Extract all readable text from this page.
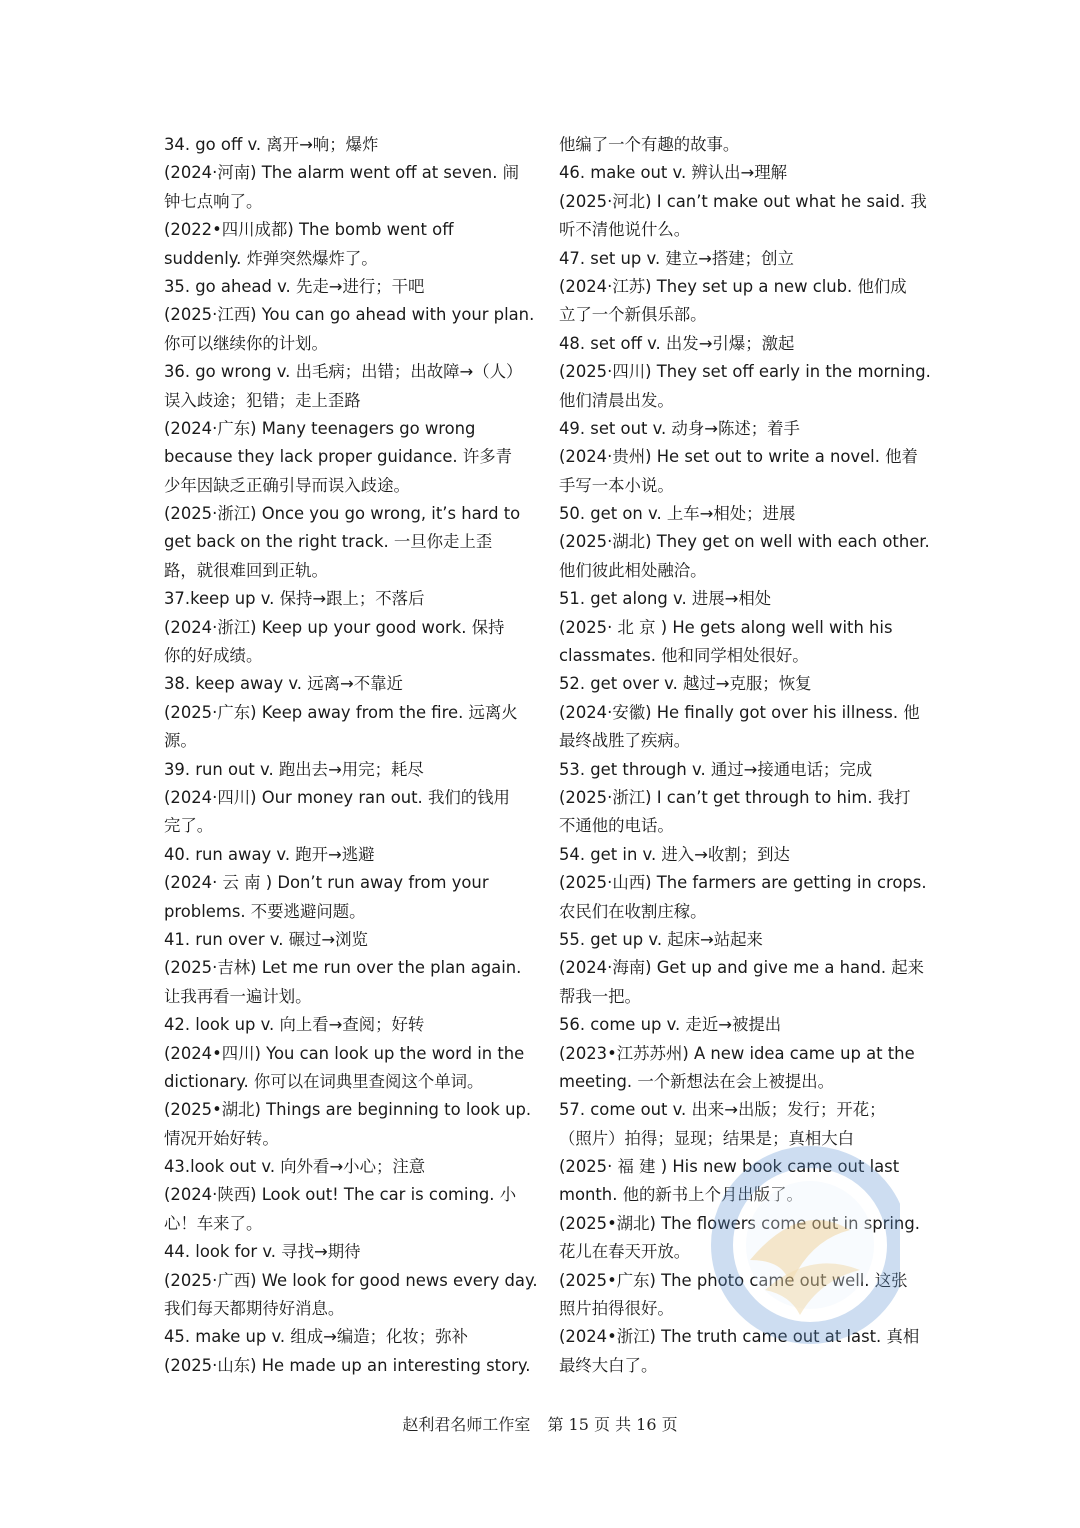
34. go off v. 离开→响；爆炸
(2024·河南) The alarm went off at seven. 闹
钟七点响了。
(2022•四川成都) The bomb went off
suddenly. 炸弹突然爆炸了。
35. go ahead v. 先走→进行；干吧
(2025·江西) You can go ahead with your plan.
你可以继续你的计划。
36. go wrong v. 出毛病；出错；出故障→（人）
误入歧途；犯错；走上歪路
(2024·广东) Many teenagers go wrong
because they lack proper guidance. 许多青
少年因缺乏正确引导而误入歧途。
(2025·浙江) Once you go wrong, it’s hard to
get back on the right track. 一旦你走上歪
路，就很难回到正轨。
37.keep up v. 保持→跟上；不落后
(2024·浙江) Keep up your good work. 保持
你的好成绩。
38. keep away v. 远离→不靠近
(2025·广东) Keep away from the fire. 远离火
源。
39. run out v. 跑出去→用完；耗尽
(2024·四川) Our money ran out. 我们的钱用
完了。
40. run away v. 跑开→逃避
(2024· 云 南 ) Don’t run away from your
problems. 不要逃避问题。
41. run over v. 碾过→浏览
(2025·吉林) Let me run over the plan again.
让我再看一遍计划。
42. look up v. 向上看→查阅；好转
(2024•四川) You can look up the word in the
dictionary. 你可以在词典里查阅这个单词。
(2025•湖北) Things are beginning to look up.
情况开始好转。
43.look out v. 向外看→小心；注意
(2024·陕西) Look out! The car is coming. 小
心！车来了。
44. look for v. 寻找→期待
(2025·广西) We look for good news every day.
我们每天都期待好消息。
45. make up v. 组成→编造；化妆；弥补
(2025·山东) He made up an interesting story.
他编了一个有趣的故事。
46. make out v. 辨认出→理解
(2025·河北) I can’t make out what he said. 我
听不清他说什么。
47. set up v. 建立→搭建；创立
(2024·江苏) They set up a new club. 他们成
立了一个新俱乐部。
48. set off v. 出发→引爆；激起
(2025·四川) They set off early in the morning.
他们清晨出发。
49. set out v. 动身→陈述；着手
(2024·贵州) He set out to write a novel. 他着
手写一本小说。
50. get on v. 上车→相处；进展
(2025·湖北) They get on well with each other.
他们彼此相处融洽。
51. get along v. 进展→相处
(2025· 北 京 ) He gets along well with his
classmates. 他和同学相处很好。
52. get over v. 越过→克服；恢复
(2024·安徽) He finally got over his illness. 他
最终战胜了疾病。
53. get through v. 通过→接通电话；完成
(2025·浙江) I can’t get through to him. 我打
不通他的电话。
54. get in v. 进入→收割；到达
(2025·山西) The farmers are getting in crops.
农民们在收割庄稼。
55. get up v. 起床→站起来
(2024·海南) Get up and give me a hand. 起来
帮我一把。
56. come up v. 走近→被提出
(2023•江苏苏州) A new idea came up at the
meeting. 一个新想法在会上被提出。
57. come out v. 出来→出版；发行；开花；
（照片）拍得；显现；结果是；真相大白
(2025· 福 建 ) His new book came out last
month. 他的新书上个月出版了。
(2025•湖北) The flowers come out in spring.
花儿在春天开放。
(2025•广东) The photo came out well. 这张
照片拍得很好。
(2024•浙江) The truth came out at last. 真相
最终大白了。
赵利君名师工作室 第 15 页 共 16 页
